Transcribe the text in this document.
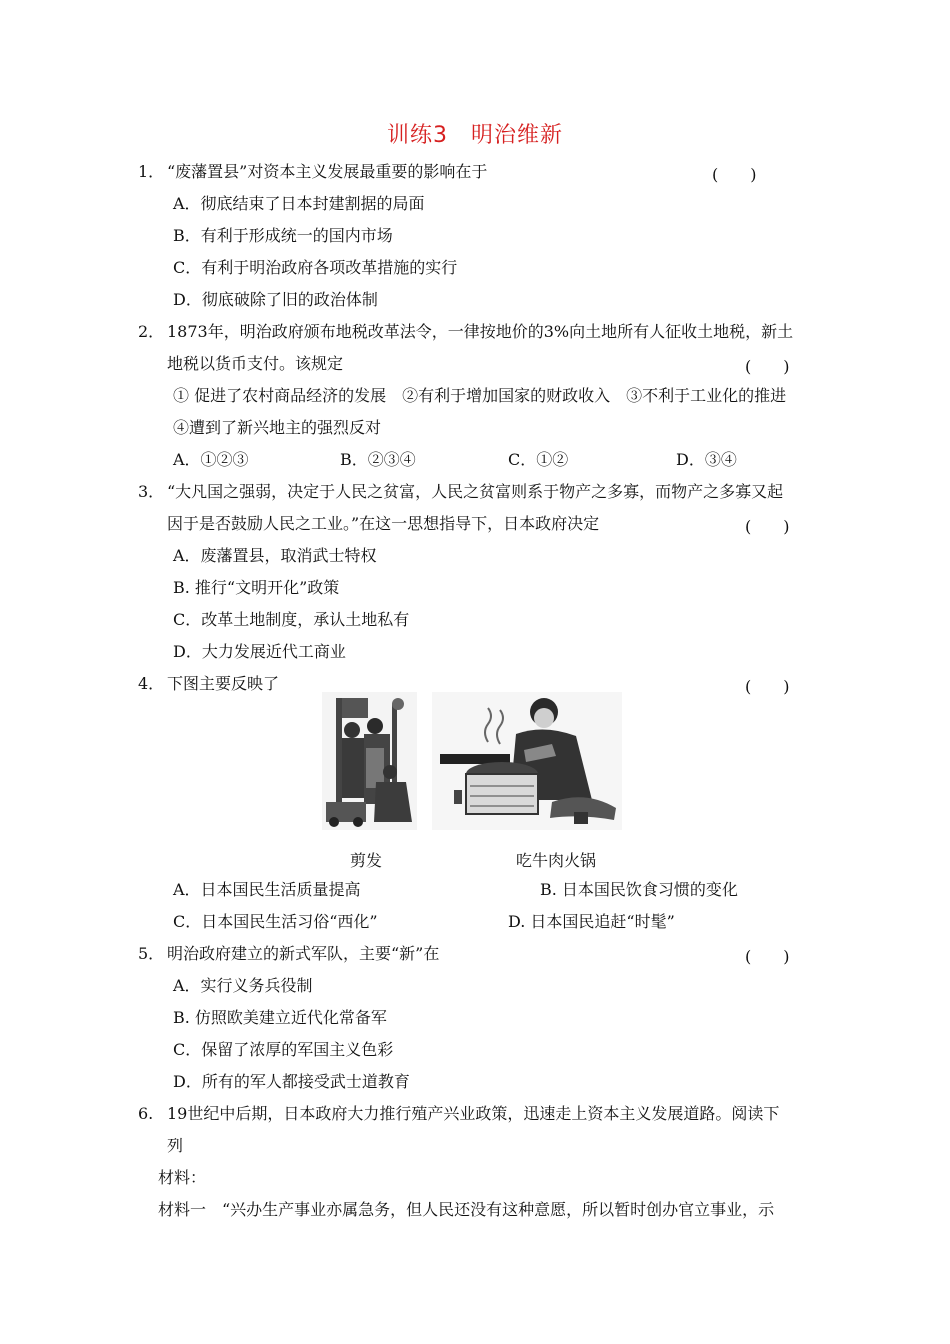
训练3　明治维新
1． “废藩置县”对资本主义发展最重要的影响在于	(　　)
A．彻底结束了日本封建割据的局面
B．有利于形成统一的国内市场
C．有利于明治政府各项改革措施的实行
D．彻底破除了旧的政治体制
2． 1873年，明治政府颁布地税改革法令，一律按地价的3%向土地所有人征收土地税，新土
地税以货币支付。该规定	(　　)
① 促进了农村商品经济的发展　②有利于增加国家的财政收入　③不利于工业化的推进
④遭到了新兴地主的强烈反对
A．①②③	B．②③④	C．①②	D．③④
3． “大凡国之强弱，决定于人民之贫富，人民之贫富则系于物产之多寡，而物产之多寡又起
因于是否鼓励人民之工业。”在这一思想指导下，日本政府决定	(　　)
A．废藩置县，取消武士特权
B. 推行“文明开化”政策
C．改革土地制度，承认土地私有
D．大力发展近代工商业
4． 下图主要反映了	(　　)
剪发	吃牛肉火锅
A．日本国民生活质量提高	B. 日本国民饮食习惯的变化
C．日本国民生活习俗“西化”	D. 日本国民追赶“时髦”
5． 明治政府建立的新式军队，主要“新”在	(　　)
A．实行义务兵役制
B. 仿照欧美建立近代化常备军
C．保留了浓厚的军国主义色彩
D．所有的军人都接受武士道教育
6. 19世纪中后期，日本政府大力推行殖产兴业政策，迅速走上资本主义发展道路。阅读下
列
材料：
材料一　“兴办生产事业亦属急务，但人民还没有这种意愿，所以暂时创办官立事业，示
